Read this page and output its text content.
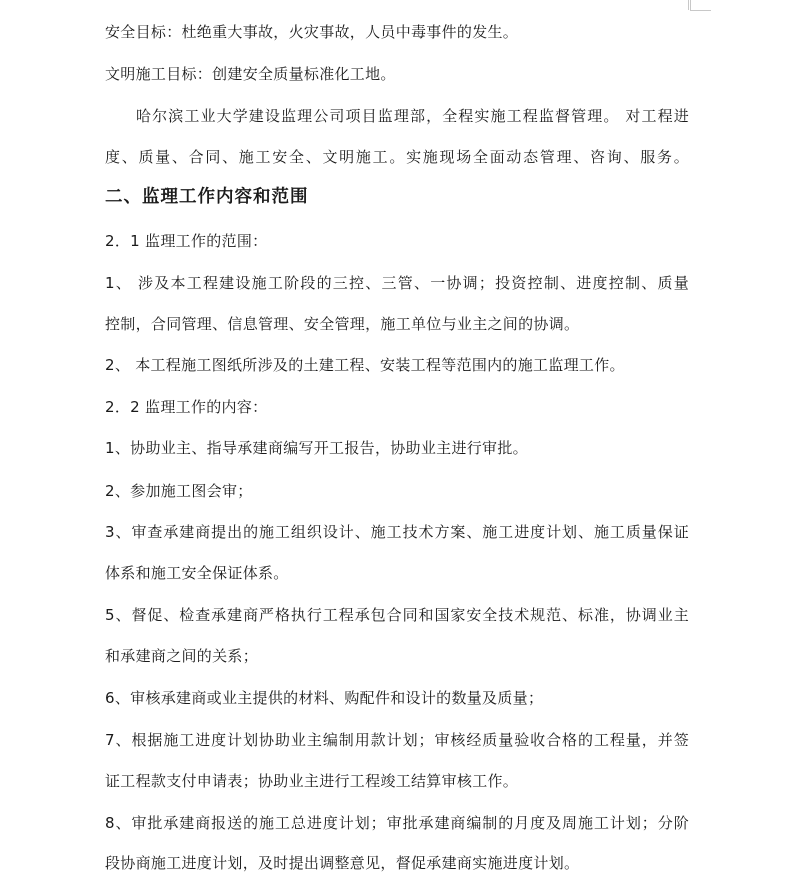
安全目标：杜绝重大事故，火灾事故，人员中毒事件的发生。
文明施工目标：创建安全质量标准化工地。
哈尔滨工业大学建设监理公司项目监理部，全程实施工程监督管理。 对工程进
度、质量、合同、施工安全、文明施工。实施现场全面动态管理、咨询、服务。
二、监理工作内容和范围
2．1 监理工作的范围：
1、 涉及本工程建设施工阶段的三控、三管、一协调；投资控制、进度控制、质量
控制，合同管理、信息管理、安全管理，施工单位与业主之间的协调。
2、 本工程施工图纸所涉及的土建工程、安装工程等范围内的施工监理工作。
2．2 监理工作的内容：
1、协助业主、指导承建商编写开工报告，协助业主进行审批。
2、参加施工图会审；
3、审查承建商提出的施工组织设计、施工技术方案、施工进度计划、施工质量保证
体系和施工安全保证体系。
5、督促、检查承建商严格执行工程承包合同和国家安全技术规范、标准，协调业主
和承建商之间的关系；
6、审核承建商或业主提供的材料、购配件和设计的数量及质量；
7、根据施工进度计划协助业主编制用款计划；审核经质量验收合格的工程量，并签
证工程款支付申请表；协助业主进行工程竣工结算审核工作。
8、审批承建商报送的施工总进度计划；审批承建商编制的月度及周施工计划；分阶
段协商施工进度计划，及时提出调整意见，督促承建商实施进度计划。
